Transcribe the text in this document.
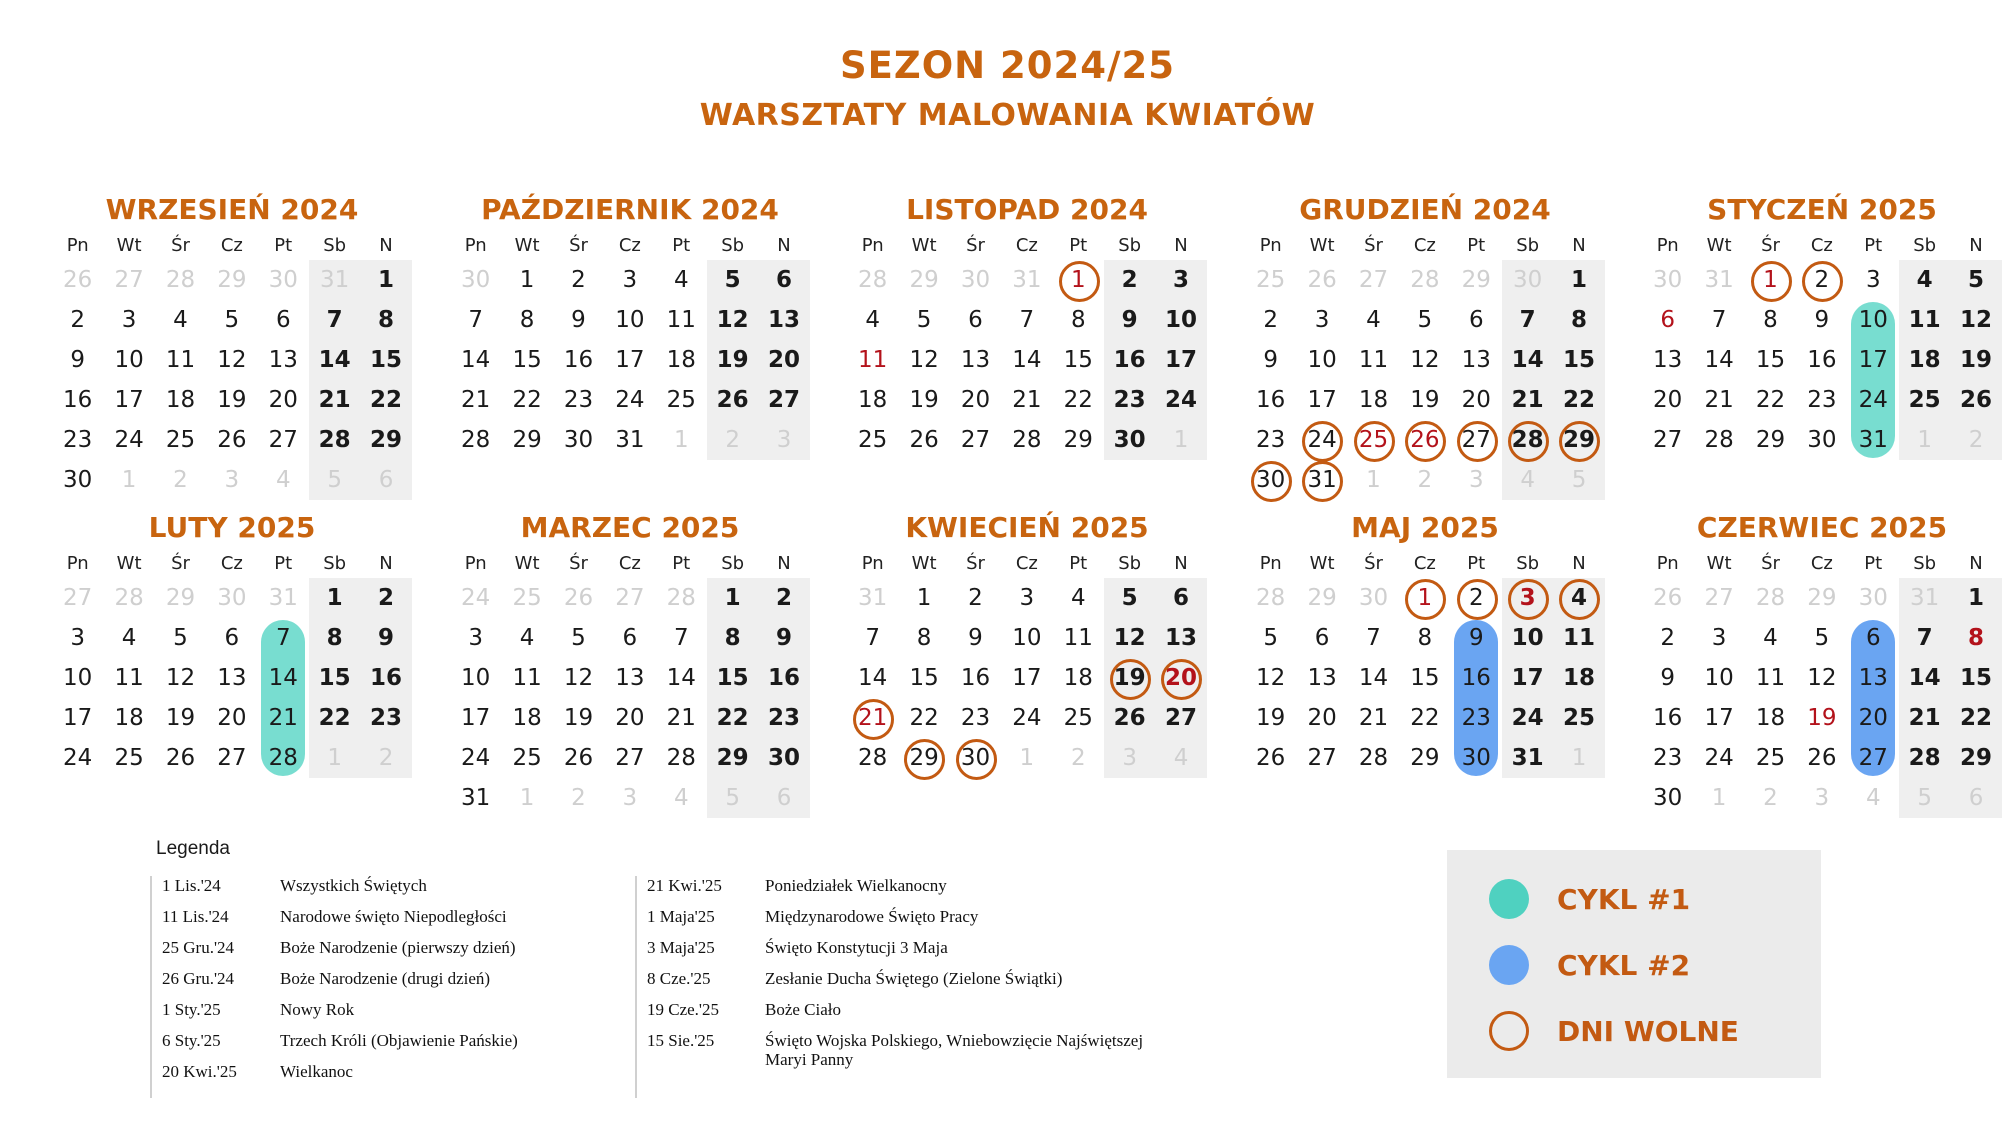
SEZON 2024/25
WARSZTATY MALOWANIA KWIATÓW
WRZESIEŃ 2024
Pn	Wt	Śr	Cz	Pt	Sb	N
26 27 28 29 30 31	1
2	3	4	5	6	7	8
9	10 11 12 13 14 15
16 17 18 19 20 21 22
23 24 25 26 27 28 29
30	1	2	3	4	5	6
PAŹDZIERNIK 2024
Pn	Wt	Śr	Cz	Pt	Sb	N
30	1	2	3	4	5	6
7	8	9	10 11 12 13
14 15 16 17 18 19 20
21 22 23 24 25 26 27
28 29 30 31	1	2	3
LISTOPAD 2024
Pn	Wt	Śr	Cz	Pt	Sb	N
28 29 30 31	1	2	3
4	5	6	7	8	9	10
11 12 13 14 15 16 17
18 19 20 21 22 23 24
25 26 27 28 29 30	1
GRUDZIEŃ 2024
Pn	Wt	Śr	Cz	Pt	Sb	N
25 26 27 28 29 30	1
2	3	4	5	6	7	8
9	10 11 12 13 14 15
16 17 18 19 20 21 22
23 24 25 26 27 28 29
30 31	1	2	3	4	5
STYCZEŃ 2025
Pn	Wt	Śr	Cz	Pt	Sb	N
30 31	1	2	3	4	5
6	7	8	9	10 11 12
13 14 15 16 17 18 19
20 21 22 23 24 25 26
27 28 29 30 31	1	2
LUTY 2025
Pn	Wt	Śr	Cz	Pt	Sb	N
27 28 29 30 31	1	2
3	4	5	6	7	8	9
10 11 12 13 14 15 16
17 18 19 20 21 22 23
24 25 26 27 28	1	2
MARZEC 2025
Pn	Wt	Śr	Cz	Pt	Sb	N
24 25 26 27 28	1	2
3	4	5	6	7	8	9
10 11 12 13 14 15 16
17 18 19 20 21 22 23
24 25 26 27 28 29 30
31	1	2	3	4	5	6
KWIECIEŃ 2025
Pn	Wt	Śr	Cz	Pt	Sb	N
31	1	2	3	4	5	6
7	8	9	10 11 12 13
14 15 16 17 18 19 20
21 22 23 24 25 26 27
28 29 30	1	2	3	4
MAJ 2025
Pn	Wt	Śr	Cz	Pt	Sb	N
28 29 30	1	2	3	4
5	6	7	8	9	10 11
12 13 14 15 16 17 18
19 20 21 22 23 24 25
26 27 28 29 30 31	1
CZERWIEC 2025
Pn	Wt	Śr	Cz	Pt	Sb	N
26 27 28 29 30 31	1
2	3	4	5	6	7	8
9	10 11 12 13 14 15
16 17 18 19 20 21 22
23 24 25 26 27 28 29
30	1	2	3	4	5	6
Legenda
1 Lis.'24	Wszystkich Świętych
11 Lis.'24	Narodowe święto Niepodległości
25 Gru.'24	Boże Narodzenie (pierwszy dzień)
26 Gru.'24	Boże Narodzenie (drugi dzień)
1 Sty.'25	Nowy Rok
6 Sty.'25	Trzech Króli (Objawienie Pańskie)
20 Kwi.'25	Wielkanoc
21 Kwi.'25	Poniedziałek Wielkanocny
1 Maja'25	Międzynarodowe Święto Pracy
3 Maja'25	Święto Konstytucji 3 Maja
8 Cze.'25	Zesłanie Ducha Świętego (Zielone Świątki)
19 Cze.'25	Boże Ciało
15 Sie.'25	Święto Wojska Polskiego, Wniebowzięcie Najświętszej Maryi Panny
CYKL #1
CYKL #2
DNI WOLNE
